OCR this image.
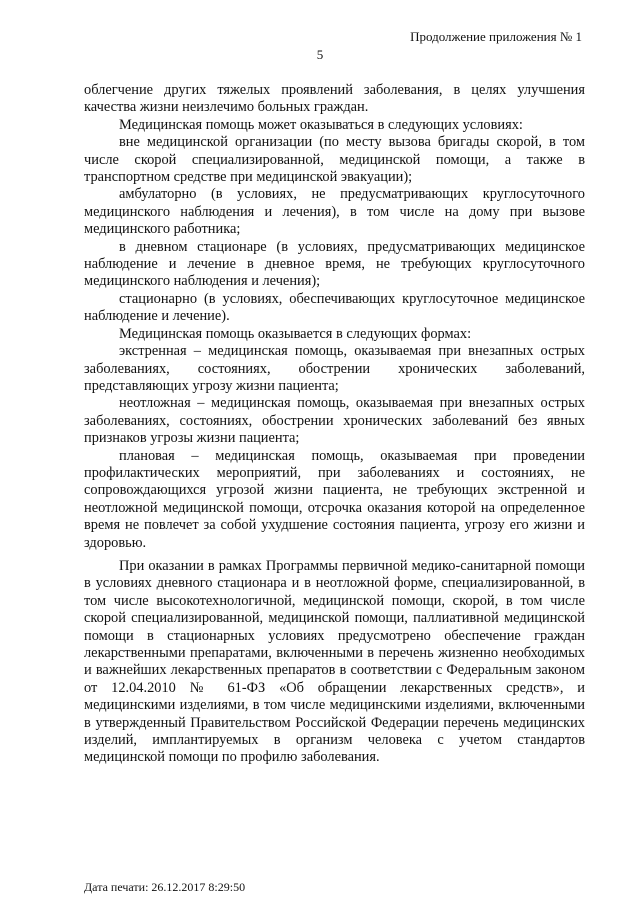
Продолжение приложения № 1
5

облегчение других тяжелых проявлений заболевания, в целях улучшения качества жизни неизлечимо больных граждан.

Медицинская помощь может оказываться в следующих условиях:

вне медицинской организации (по месту вызова бригады скорой, в том числе скорой специализированной, медицинской помощи, а также в транспортном средстве при медицинской эвакуации);

амбулаторно (в условиях, не предусматривающих круглосуточного медицинского наблюдения и лечения), в том числе на дому при вызове медицинского работника;

в дневном стационаре (в условиях, предусматривающих медицинское наблюдение и лечение в дневное время, не требующих круглосуточного медицинского наблюдения и лечения);

стационарно (в условиях, обеспечивающих круглосуточное медицинское наблюдение и лечение).

Медицинская помощь оказывается в следующих формах:

экстренная – медицинская помощь, оказываемая при внезапных острых заболеваниях, состояниях, обострении хронических заболеваний, представляющих угрозу жизни пациента;

неотложная – медицинская помощь, оказываемая при внезапных острых заболеваниях, состояниях, обострении хронических заболеваний без явных признаков угрозы жизни пациента;

плановая – медицинская помощь, оказываемая при проведении профилактических мероприятий, при заболеваниях и состояниях, не сопровождающихся угрозой жизни пациента, не требующих экстренной и неотложной медицинской помощи, отсрочка оказания которой на определенное время не повлечет за собой ухудшение состояния пациента, угрозу его жизни и здоровью.

При оказании в рамках Программы первичной медико-санитарной помощи в условиях дневного стационара и в неотложной форме, специализированной, в том числе высокотехнологичной, медицинской помощи, скорой, в том числе скорой специализированной, медицинской помощи, паллиативной медицинской помощи в стационарных условиях предусмотрено обеспечение граждан лекарственными препаратами, включенными в перечень жизненно необходимых и важнейших лекарственных препаратов в соответствии с Федеральным законом от 12.04.2010 № 61-ФЗ «Об обращении лекарственных средств», и медицинскими изделиями, в том числе медицинскими изделиями, включенными в утвержденный Правительством Российской Федерации перечень медицинских изделий, имплантируемых в организм человека с учетом стандартов медицинской помощи по профилю заболевания.

Дата печати: 26.12.2017 8:29:50
